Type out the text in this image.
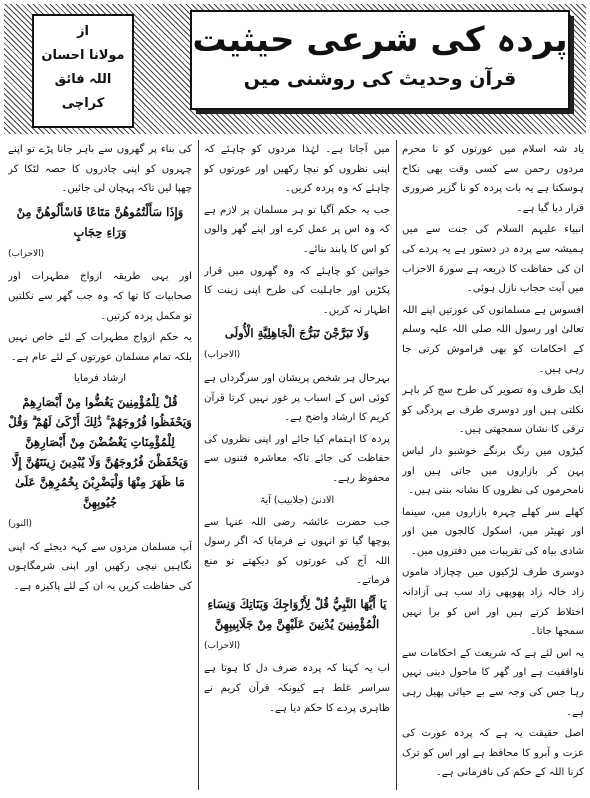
از
مولانا احسان اللہ فائق
کراچی
پردہ کی شرعی حیثیت
قرآن وحدیث کی روشنی میں

یاد شہ اسلام میں عورتوں کو نا محرم مردوں رحمن سے کسی وقت بھی نکاح ہوسکتا ہے یہ بات پردہ کو نا گزیر ضروری قرار دیا گیا ہے۔

انبیاء علیہم السلام کی جنت سے میں ہمیشہ سے پردہ در دستور ہے یہ پردے کی ان کی حفاظت کا ذریعہ ہے سورۃ الاحزاب میں آیت حجاب نازل ہوئی۔

افسوس ہے مسلمانوں کی عورتیں اپنے اللہ تعالیٰ اور رسول اللہ صلی اللہ علیہ وسلم کے احکامات کو بھی فراموش کرتی جا رہی ہیں۔

ایک طرف وہ تصویر کی طرح سج کر باہر نکلتی ہیں اور دوسری طرف بے پردگی کو ترقی کا نشان سمجھتی ہیں۔

کپڑوں میں رنگ برنگے خوشبو دار لباس پہن کر بازاروں میں جاتی ہیں اور نامحرموں کی نظروں کا نشانہ بنتی ہیں۔

کھلے سر کھلے چہرہ بازاروں میں، سینما اور تھیٹر میں، اسکول کالجوں میں اور شادی بیاہ کی تقریبات میں دفتروں میں۔

دوسری طرف لڑکیوں میں چچازاد ماموں زاد خالہ زاد پھوپھی زاد سب ہی آزادانہ اختلاط کرتے ہیں اور اس کو برا نہیں سمجھا جاتا۔

یہ اس لئے ہے کہ شریعت کے احکامات سے ناواقفیت ہے اور گھر کا ماحول دینی نہیں رہا جس کی وجہ سے بے حیائی پھیل رہی ہے۔

اصل حقیقت یہ ہے کہ پردہ عورت کی عزت و آبرو کا محافظ ہے اور اس کو ترک کرنا اللہ کے حکم کی نافرمانی ہے۔

میں آجاتا ہے۔ لہٰذا مردوں کو چاہئے کہ اپنی نظروں کو نیچا رکھیں اور عورتوں کو چاہئے کہ وہ پردہ کریں۔

جب یہ حکم آگیا تو ہر مسلمان پر لازم ہے کہ وہ اس پر عمل کرے اور اپنے گھر والوں کو اس کا پابند بنائے۔

خواتین کو چاہئے کہ وہ گھروں میں قرار پکڑیں اور جاہلیت کی طرح اپنی زینت کا اظہار نہ کریں۔

وَلَا تَبَرَّجْنَ تَبَرُّجَ الْجَاهِلِيَّةِ الْأُولَى

(الاحزاب)

بہرحال ہر شخص پریشان اور سرگرداں ہے کوئی اس کے اسباب پر غور نہیں کرتا قرآن کریم کا ارشاد واضح ہے۔

پردہ کا اہتمام کیا جائے اور اپنی نظروں کی حفاظت کی جائے تاکہ معاشرہ فتنوں سے محفوظ رہے۔

الادنیٰ (جلابیب) آیۃ

جب حضرت عائشہ رضی اللہ عنہا سے پوچھا گیا تو انہوں نے فرمایا کہ اگر رسول اللہ آج کی عورتوں کو دیکھتے تو منع فرماتے۔

يَا أَيُّهَا النَّبِيُّ قُلْ لِأَزْوَاجِكَ وَبَنَاتِكَ وَنِسَاءِ الْمُؤْمِنِينَ يُدْنِينَ عَلَيْهِنَّ مِنْ جَلَابِيبِهِنَّ

(الاحزاب)

اب یہ کہنا کہ پردہ صرف دل کا ہوتا ہے سراسر غلط ہے کیونکہ قرآن کریم نے ظاہری پردے کا حکم دیا ہے۔

کی بناء پر گھروں سے باہر جانا پڑے تو اپنے چہروں کو اپنی چادروں کا حصہ لٹکا کر چھپا لیں تاکہ پہچان لی جائیں۔

وَإِذَا سَأَلْتُمُوهُنَّ مَتَاعًا فَاسْأَلُوهُنَّ مِنْ وَرَاءِ حِجَابٍ

(الاحزاب)

اور یہی طریقہ ازواج مطہرات اور صحابیات کا تھا کہ وہ جب گھر سے نکلتیں تو مکمل پردہ کرتیں۔

یہ حکم ازواج مطہرات کے لئے خاص نہیں بلکہ تمام مسلمان عورتوں کے لئے عام ہے۔

ارشاد فرمایا

قُلْ لِلْمُؤْمِنِينَ يَغُضُّوا مِنْ أَبْصَارِهِمْ وَيَحْفَظُوا فُرُوجَهُمْ ۚ ذَٰلِكَ أَزْكَىٰ لَهُمْ ۗ وَقُلْ لِلْمُؤْمِنَاتِ يَغْضُضْنَ مِنْ أَبْصَارِهِنَّ وَيَحْفَظْنَ فُرُوجَهُنَّ وَلَا يُبْدِينَ زِينَتَهُنَّ إِلَّا مَا ظَهَرَ مِنْهَا وَلْيَضْرِبْنَ بِخُمُرِهِنَّ عَلَىٰ جُيُوبِهِنَّ

(النور)

آپ مسلمان مردوں سے کہہ دیجئے کہ اپنی نگاہیں نیچی رکھیں اور اپنی شرمگاہوں کی حفاظت کریں یہ ان کے لئے پاکیزہ ہے۔
